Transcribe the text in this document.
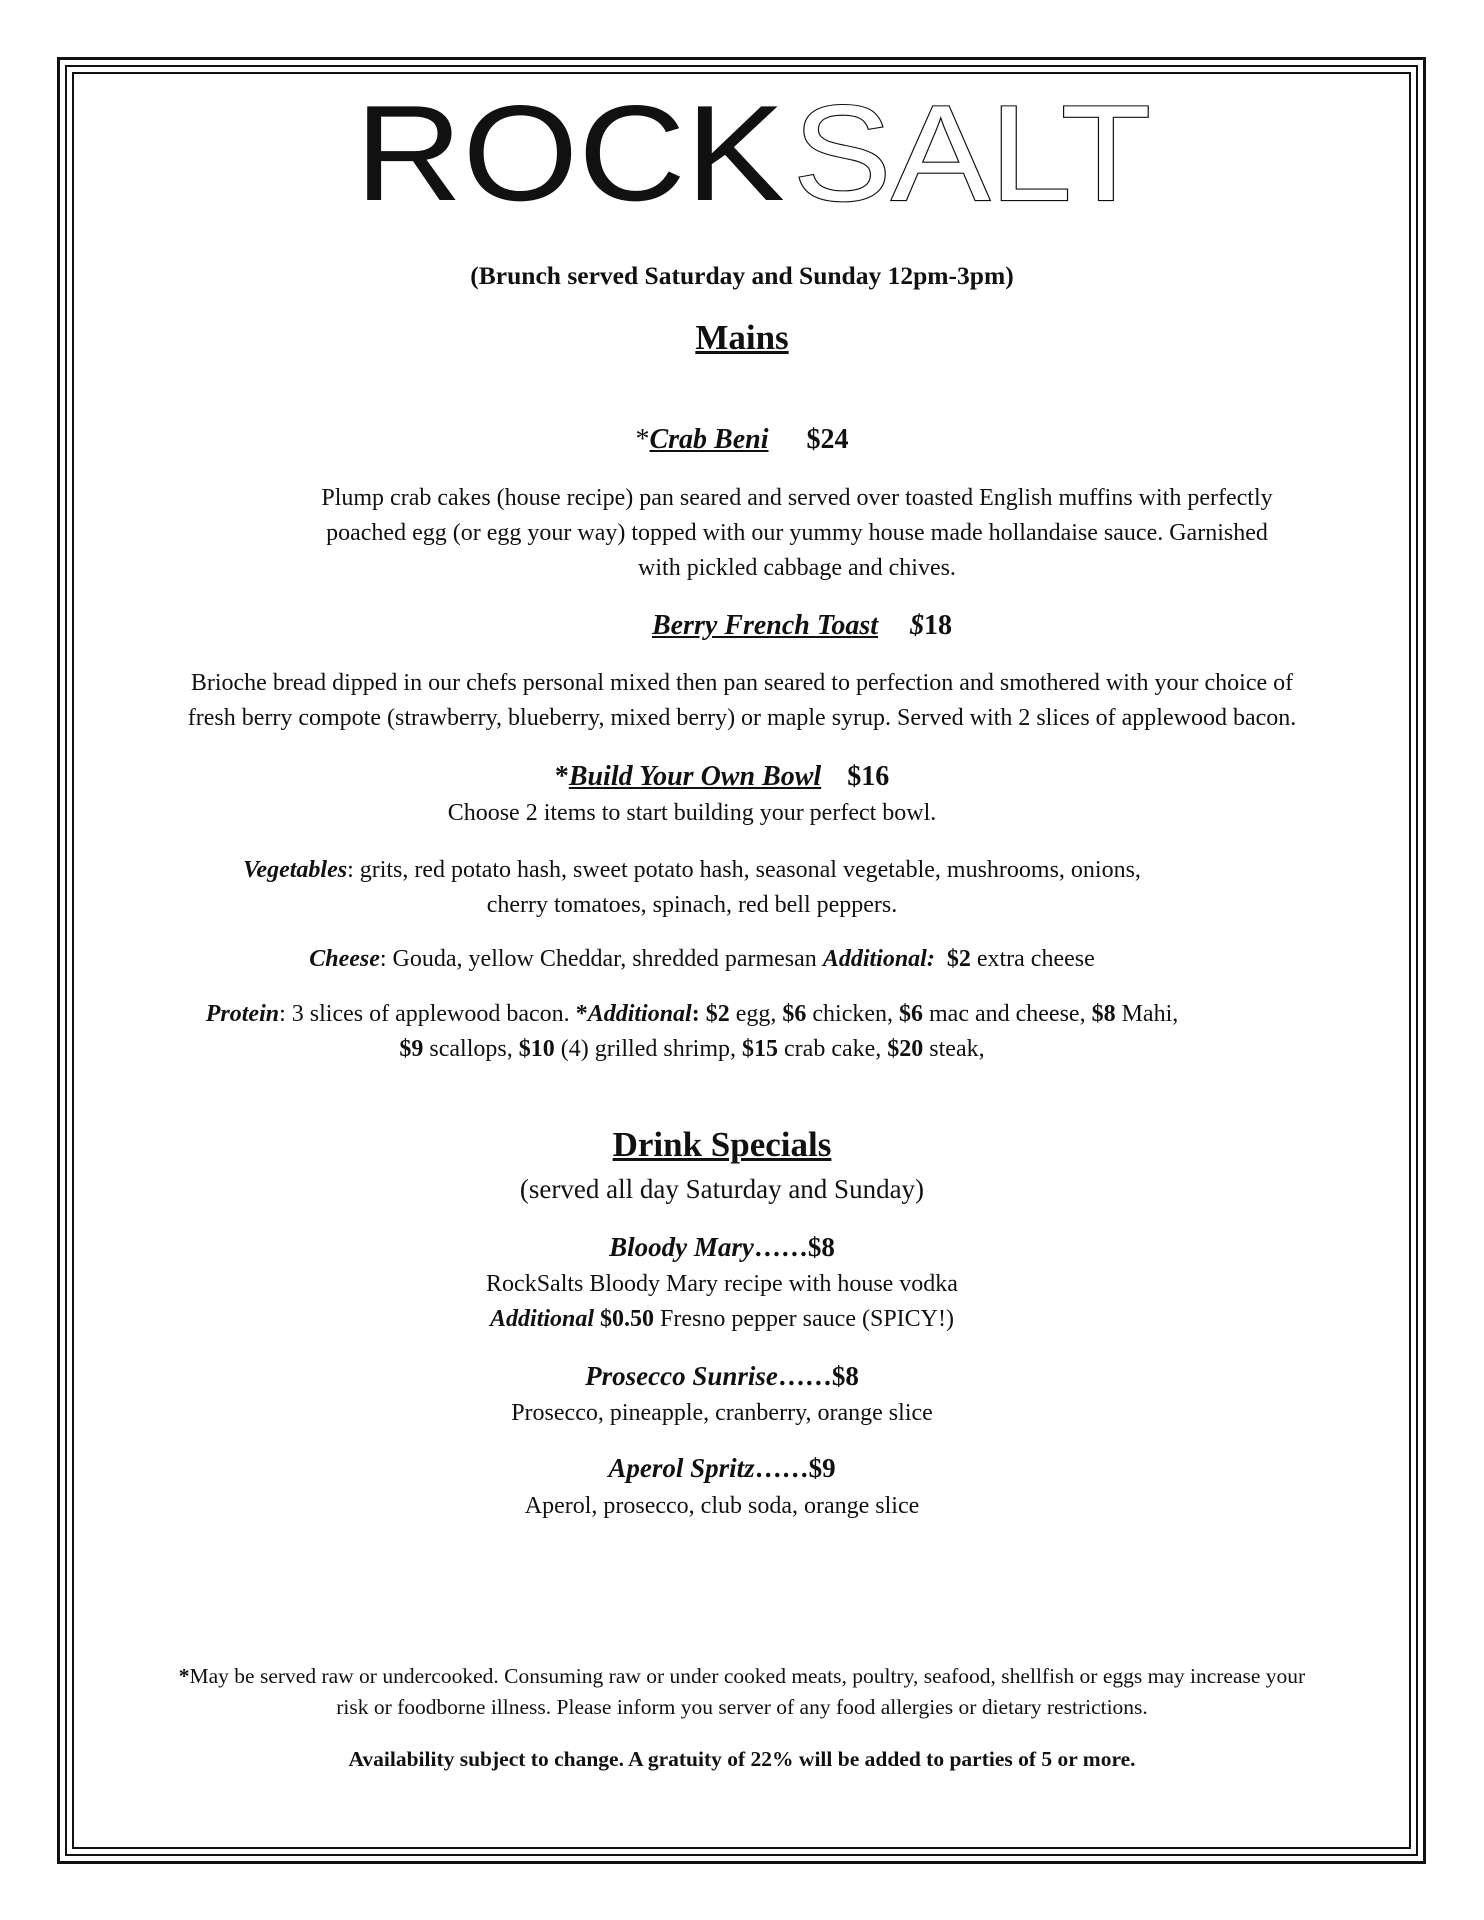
ROCK SALT
(Brunch served Saturday and Sunday 12pm-3pm)
Mains
*Crab Beni $24
Plump crab cakes (house recipe) pan seared and served over toasted English muffins with perfectly
poached egg (or egg your way) topped with our yummy house made hollandaise sauce. Garnished
with pickled cabbage and chives.
Berry French Toast $18
Brioche bread dipped in our chefs personal mixed then pan seared to perfection and smothered with your choice of
fresh berry compote (strawberry, blueberry, mixed berry) or maple syrup. Served with 2 slices of applewood bacon.
*Build Your Own Bowl $16
Choose 2 items to start building your perfect bowl.
Vegetables: grits, red potato hash, sweet potato hash, seasonal vegetable, mushrooms, onions,
cherry tomatoes, spinach, red bell peppers.
Cheese: Gouda, yellow Cheddar, shredded parmesan Additional: $2 extra cheese
Protein: 3 slices of applewood bacon. *Additional: $2 egg, $6 chicken, $6 mac and cheese, $8 Mahi,
$9 scallops, $10 (4) grilled shrimp, $15 crab cake, $20 steak,
Drink Specials
(served all day Saturday and Sunday)
Bloody Mary……$8
RockSalts Bloody Mary recipe with house vodka
Additional $0.50 Fresno pepper sauce (SPICY!)
Prosecco Sunrise……$8
Prosecco, pineapple, cranberry, orange slice
Aperol Spritz……$9
Aperol, prosecco, club soda, orange slice
*May be served raw or undercooked. Consuming raw or under cooked meats, poultry, seafood, shellfish or eggs may increase your
risk or foodborne illness. Please inform you server of any food allergies or dietary restrictions.
Availability subject to change. A gratuity of 22% will be added to parties of 5 or more.
